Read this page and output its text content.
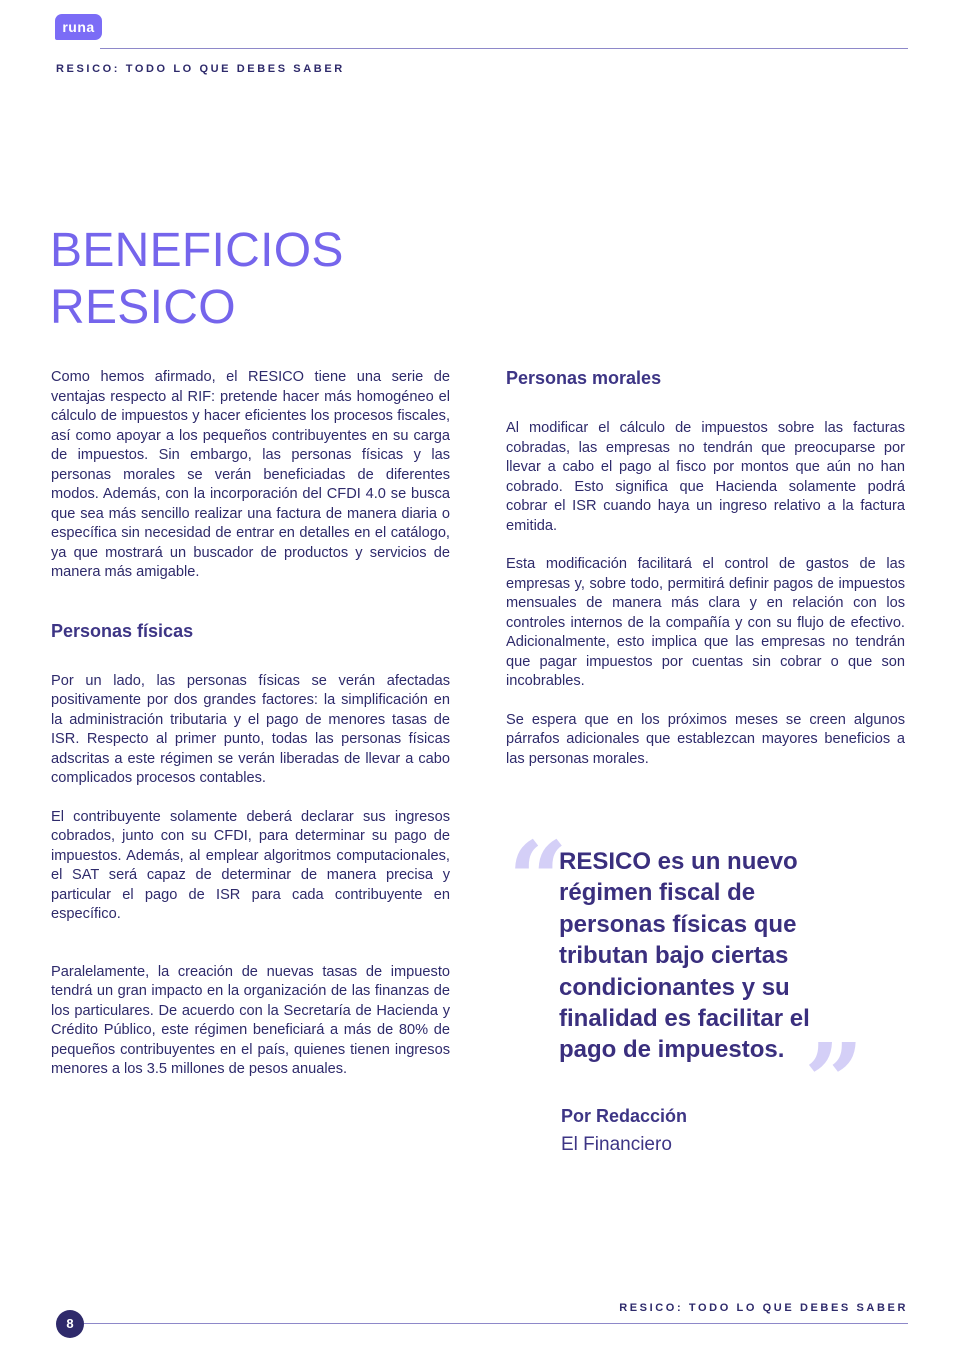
runa
RESICO: TODO LO QUE DEBES SABER
BENEFICIOS
RESICO

Como hemos afirmado, el RESICO tiene una serie de ventajas respecto al RIF: pretende hacer más homogéneo el cálculo de impuestos y hacer eficientes los procesos fiscales, así como apoyar a los pequeños contribuyentes en su carga de impuestos. Sin embargo, las personas físicas y las personas morales se verán beneficiadas de diferentes modos. Además, con la incorporación del CFDI 4.0 se busca que sea más sencillo realizar una factura de manera diaria o específica sin necesidad de entrar en detalles en el catálogo, ya que mostrará un buscador de productos y servicios de manera más amigable.

Personas físicas

Por un lado, las personas físicas se verán afectadas positivamente por dos grandes factores: la simplificación en la administración tributaria y el pago de menores tasas de ISR. Respecto al primer punto, todas las personas físicas adscritas a este régimen se verán liberadas de llevar a cabo complicados procesos contables.

El contribuyente solamente deberá declarar sus ingresos cobrados, junto con su CFDI, para determinar su pago de impuestos. Además, al emplear algoritmos computacionales, el SAT será capaz de determinar de manera precisa y particular el pago de ISR para cada contribuyente en específico.

Paralelamente, la creación de nuevas tasas de impuesto tendrá un gran impacto en la organización de las finanzas de los particulares. De acuerdo con la Secretaría de Hacienda y Crédito Público, este régimen beneficiará a más de 80% de pequeños contribuyentes en el país, quienes tienen ingresos menores a los 3.5 millones de pesos anuales.

Personas morales

Al modificar el cálculo de impuestos sobre las facturas cobradas, las empresas no tendrán que preocuparse por llevar a cabo el pago al fisco por montos que aún no han cobrado. Esto significa que Hacienda solamente podrá cobrar el ISR cuando haya un ingreso relativo a la factura emitida.

Esta modificación facilitará el control de gastos de las empresas y, sobre todo, permitirá definir pagos de impuestos mensuales de manera más clara y en relación con los controles internos de la compañía y con su flujo de efectivo. Adicionalmente, esto implica que las empresas no tendrán que pagar impuestos por cuentas sin cobrar o que son incobrables.

Se espera que en los próximos meses se creen algunos párrafos adicionales que establezcan mayores beneficios a las personas morales.

“

RESICO es un nuevo régimen fiscal de personas físicas que tributan bajo ciertas condicionantes y su finalidad es facilitar el pago de impuestos. ”
Por Redacción
El Financiero
RESICO: TODO LO QUE DEBES SABER
8
